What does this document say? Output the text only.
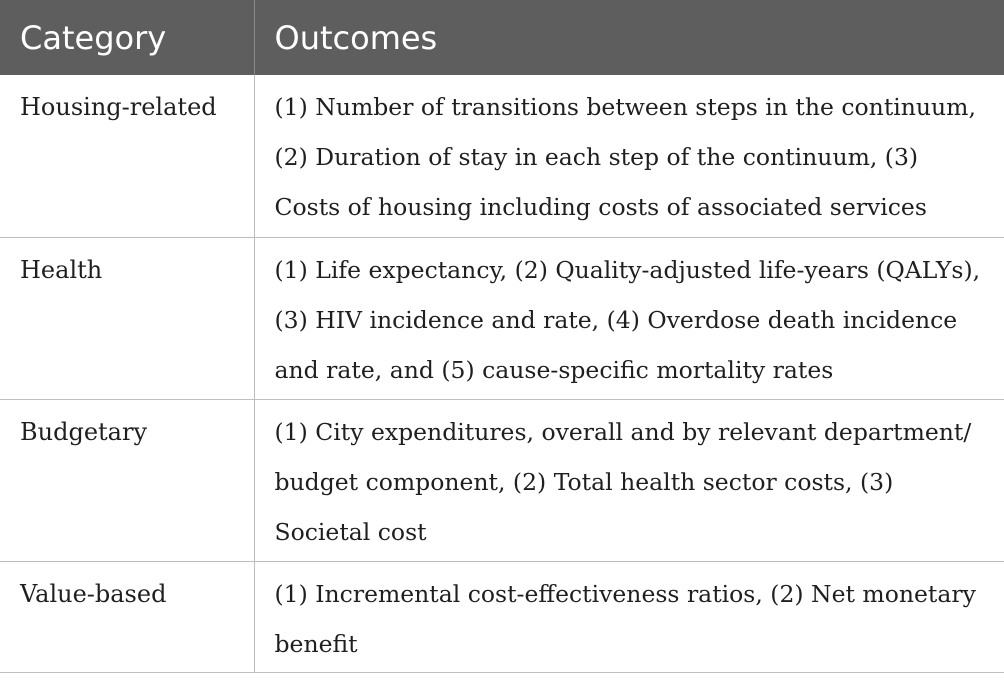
Category	Outcomes
Housing-related	(1) Number of transitions between steps in the continuum, (2) Duration of stay in each step of the continuum, (3) Costs of housing including costs of associated services
Health	(1) Life expectancy, (2) Quality-adjusted life-years (QALYs), (3) HIV incidence and rate, (4) Overdose death incidence and rate, and (5) cause-specific mortality rates
Budgetary	(1) City expenditures, overall and by relevant department/ budget component, (2) Total health sector costs, (3) Societal cost
Value-based	(1) Incremental cost-effectiveness ratios, (2) Net monetary benefit
